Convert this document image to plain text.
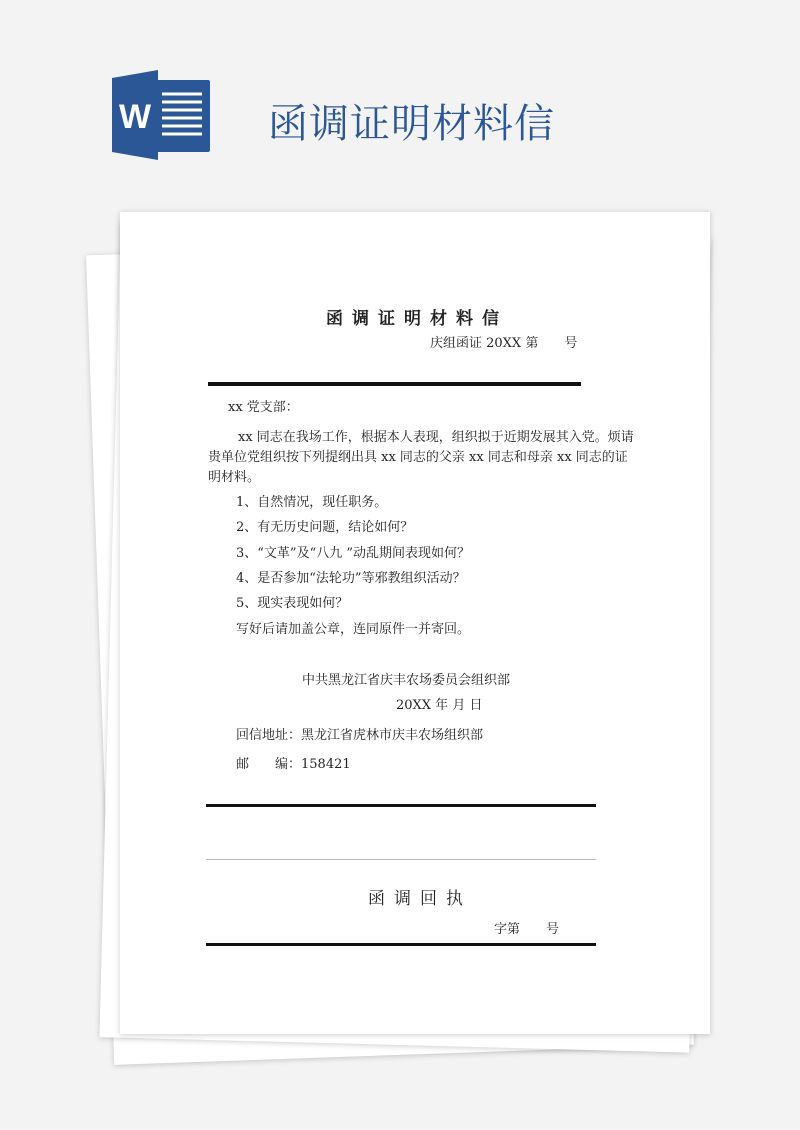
W	函调证明材料信
函调证明材料信
庆组函证 20XX 第　　号
xx 党支部：
xx 同志在我场工作，根据本人表现，组织拟于近期发展其入党。烦请
贵单位党组织按下列提纲出具 xx 同志的父亲 xx 同志和母亲 xx 同志的证
明材料。
1、自然情况，现任职务。
2、有无历史问题，结论如何？
3、“文革”及“八九 ”动乱期间表现如何？
4、是否参加“法轮功”等邪教组织活动？
5、现实表现如何？
写好后请加盖公章，连同原件一并寄回。
中共黑龙江省庆丰农场委员会组织部
20XX 年 月 日
回信地址：黑龙江省虎林市庆丰农场组织部
邮　　编：158421
函调回执
字第　　号
